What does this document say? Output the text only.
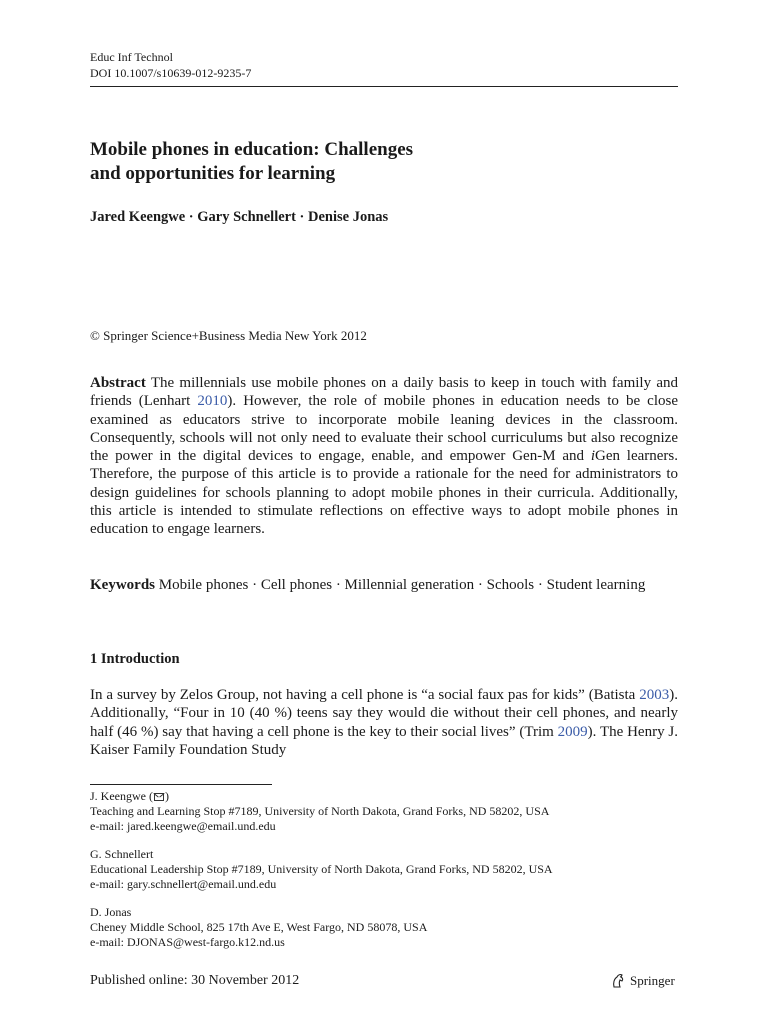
Educ Inf Technol
DOI 10.1007/s10639-012-9235-7
Mobile phones in education: Challenges
and opportunities for learning
Jared Keengwe · Gary Schnellert · Denise Jonas
© Springer Science+Business Media New York 2012
Abstract The millennials use mobile phones on a daily basis to keep in touch with family and friends (Lenhart 2010). However, the role of mobile phones in education needs to be close examined as educators strive to incorporate mobile leaning devices in the classroom. Consequently, schools will not only need to evaluate their school curriculums but also recognize the power in the digital devices to engage, enable, and empower Gen-M and iGen learners. Therefore, the purpose of this article is to provide a rationale for the need for administrators to design guidelines for schools planning to adopt mobile phones in their curricula. Additionally, this article is intended to stimulate reflections on effective ways to adopt mobile phones in education to engage learners.
Keywords Mobile phones · Cell phones · Millennial generation · Schools · Student learning
1 Introduction
In a survey by Zelos Group, not having a cell phone is “a social faux pas for kids” (Batista 2003). Additionally, “Four in 10 (40 %) teens say they would die without their cell phones, and nearly half (46 %) say that having a cell phone is the key to their social lives” (Trim 2009). The Henry J. Kaiser Family Foundation Study
J. Keengwe ( )
Teaching and Learning Stop #7189, University of North Dakota, Grand Forks, ND 58202, USA
e-mail: jared.keengwe@email.und.edu
G. Schnellert
Educational Leadership Stop #7189, University of North Dakota, Grand Forks, ND 58202, USA
e-mail: gary.schnellert@email.und.edu
D. Jonas
Cheney Middle School, 825 17th Ave E, West Fargo, ND 58078, USA
e-mail: DJONAS@west-fargo.k12.nd.us
Published online: 30 November 2012	Springer
